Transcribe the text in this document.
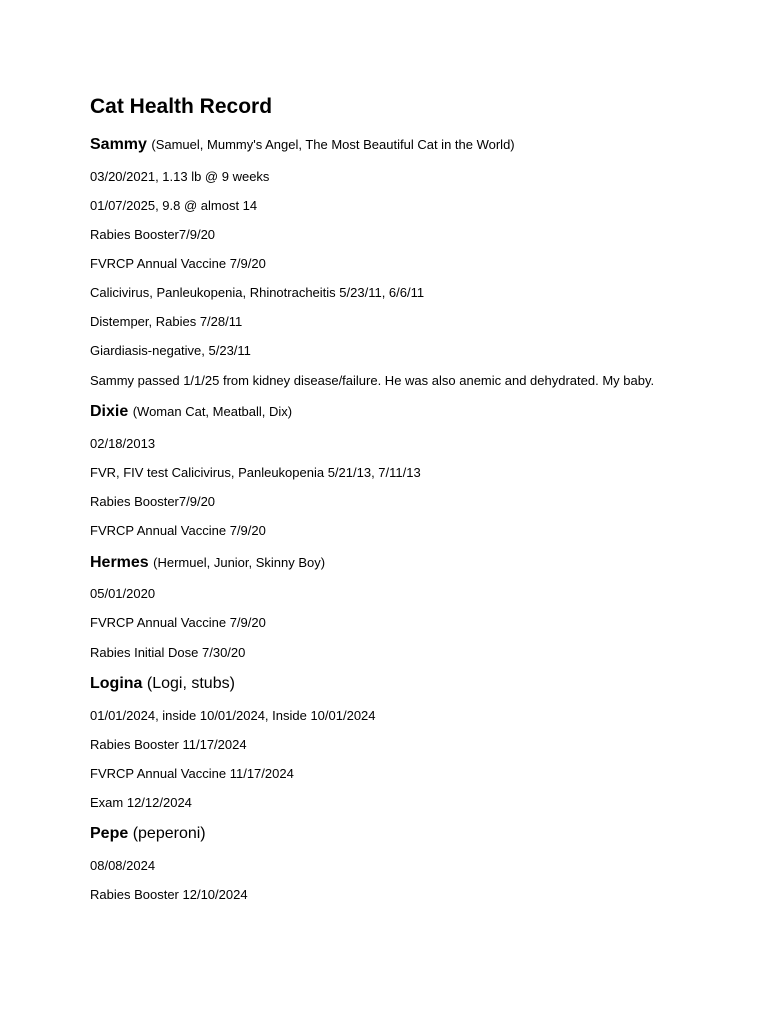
Cat Health Record
Sammy (Samuel, Mummy's Angel, The Most Beautiful Cat in the World)
03/20/2021, 1.13 lb @ 9 weeks
01/07/2025, 9.8 @ almost 14
Rabies Booster7/9/20
FVRCP Annual Vaccine 7/9/20
Calicivirus, Panleukopenia, Rhinotracheitis 5/23/11, 6/6/11
Distemper, Rabies 7/28/11
Giardiasis-negative, 5/23/11
Sammy passed 1/1/25 from kidney disease/failure. He was also anemic and dehydrated. My baby.
Dixie (Woman Cat, Meatball, Dix)
02/18/2013
FVR, FIV test Calicivirus, Panleukopenia 5/21/13, 7/11/13
Rabies Booster7/9/20
FVRCP Annual Vaccine 7/9/20
Hermes (Hermuel, Junior, Skinny Boy)
05/01/2020
FVRCP Annual Vaccine 7/9/20
Rabies Initial Dose 7/30/20
Logina (Logi, stubs)
01/01/2024, inside 10/01/2024, Inside 10/01/2024
Rabies Booster 11/17/2024
FVRCP Annual Vaccine 11/17/2024
Exam 12/12/2024
Pepe (peperoni)
08/08/2024
Rabies Booster 12/10/2024
